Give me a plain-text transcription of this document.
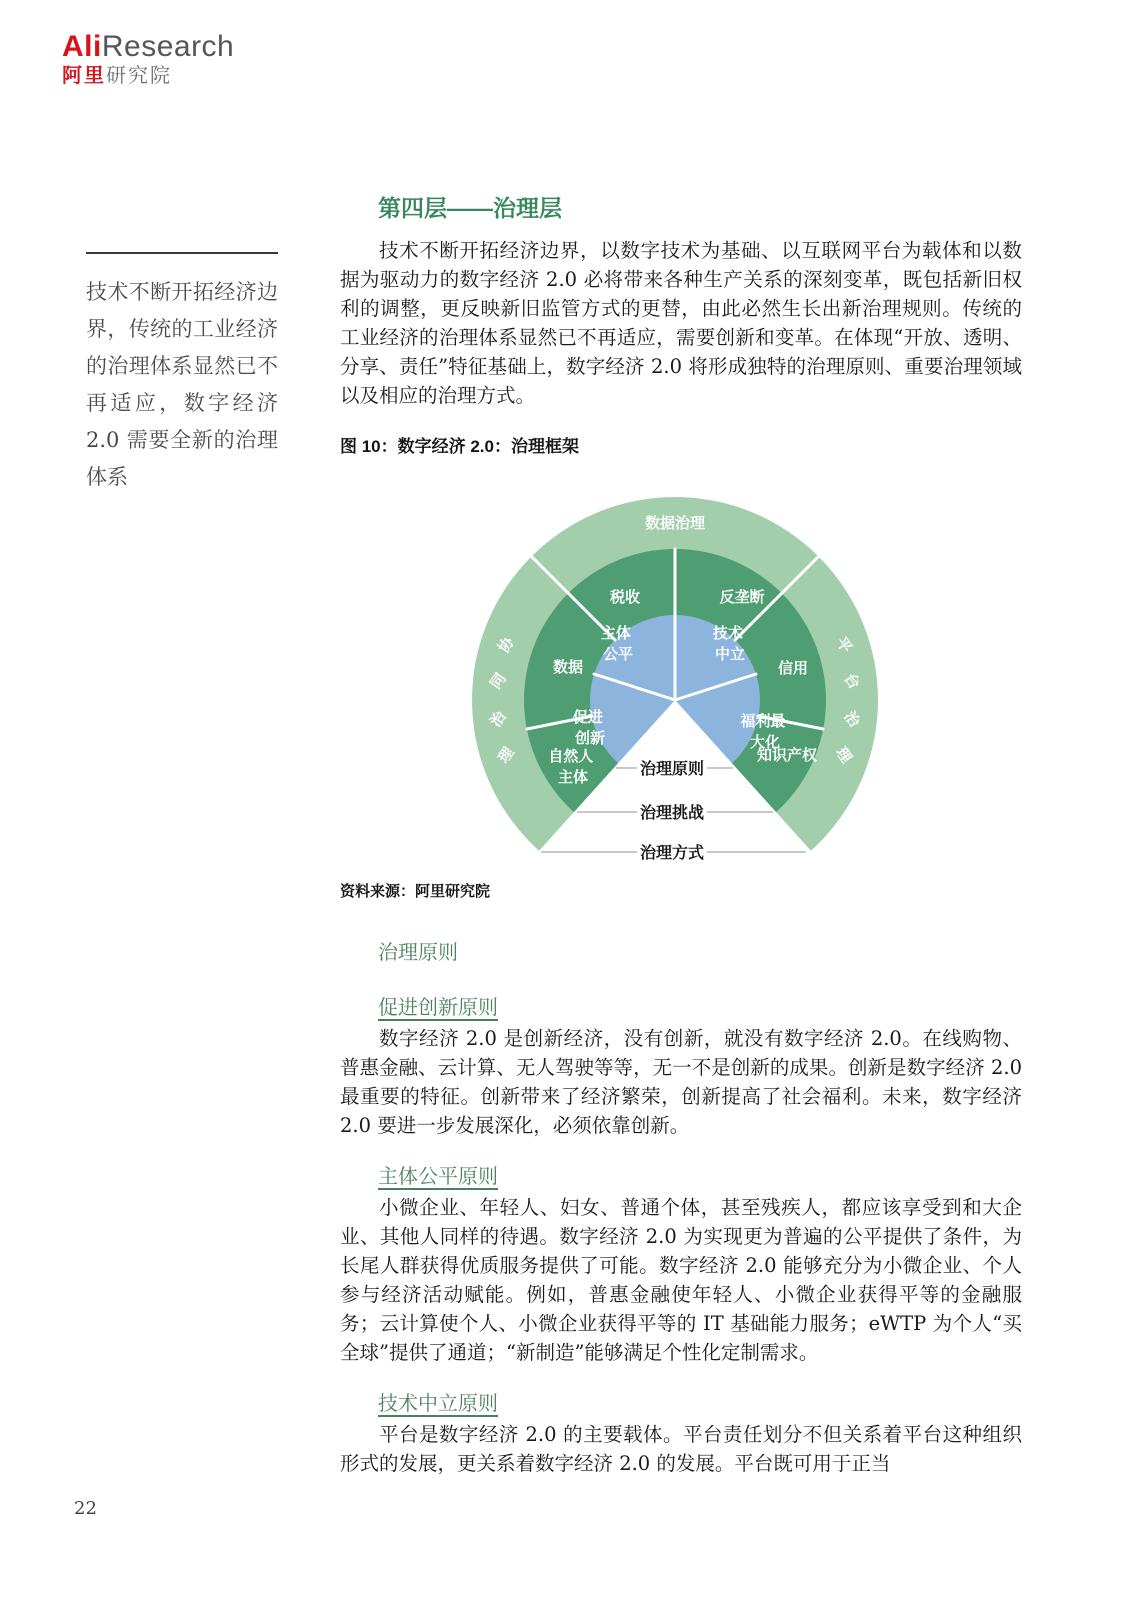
AliResearch
阿里研究院
技术不断开拓经济边界，传统的工业经济的治理体系显然已不再适应，数字经济 2.0 需要全新的治理体系
第四层——治理层

技术不断开拓经济边界，以数字技术为基础、以互联网平台为载体和以数据为驱动力的数字经济 2.0 必将带来各种生产关系的深刻变革，既包括新旧权利的调整，更反映新旧监管方式的更替，由此必然生长出新治理规则。传统的工业经济的治理体系显然已不再适应，需要创新和变革。在体现“开放、透明、分享、责任”特征基础上，数字经济 2.0 将形成独特的治理原则、重要治理领域以及相应的治理方式。

图 10：数字经济 2.0：治理框架

数据治理
协
同
治
理
平
台
治
理
税收	反垄断
数据	信用
自然人 主体
知识产权
主体 公平
技术 中立
促进 创新
福利最 大化
治理原则
治理挑战
治理方式

资料来源：阿里研究院

治理原则
促进创新原则

数字经济 2.0 是创新经济，没有创新，就没有数字经济 2.0。在线购物、普惠金融、云计算、无人驾驶等等，无一不是创新的成果。创新是数字经济 2.0 最重要的特征。创新带来了经济繁荣，创新提高了社会福利。未来，数字经济 2.0 要进一步发展深化，必须依靠创新。

主体公平原则

小微企业、年轻人、妇女、普通个体，甚至残疾人，都应该享受到和大企业、其他人同样的待遇。数字经济 2.0 为实现更为普遍的公平提供了条件，为长尾人群获得优质服务提供了可能。数字经济 2.0 能够充分为小微企业、个人参与经济活动赋能。例如，普惠金融使年轻人、小微企业获得平等的金融服务；云计算使个人、小微企业获得平等的 IT 基础能力服务；eWTP 为个人“买全球”提供了通道；“新制造”能够满足个性化定制需求。

技术中立原则

平台是数字经济 2.0 的主要载体。平台责任划分不但关系着平台这种组织形式的发展，更关系着数字经济 2.0 的发展。平台既可用于正当

22
